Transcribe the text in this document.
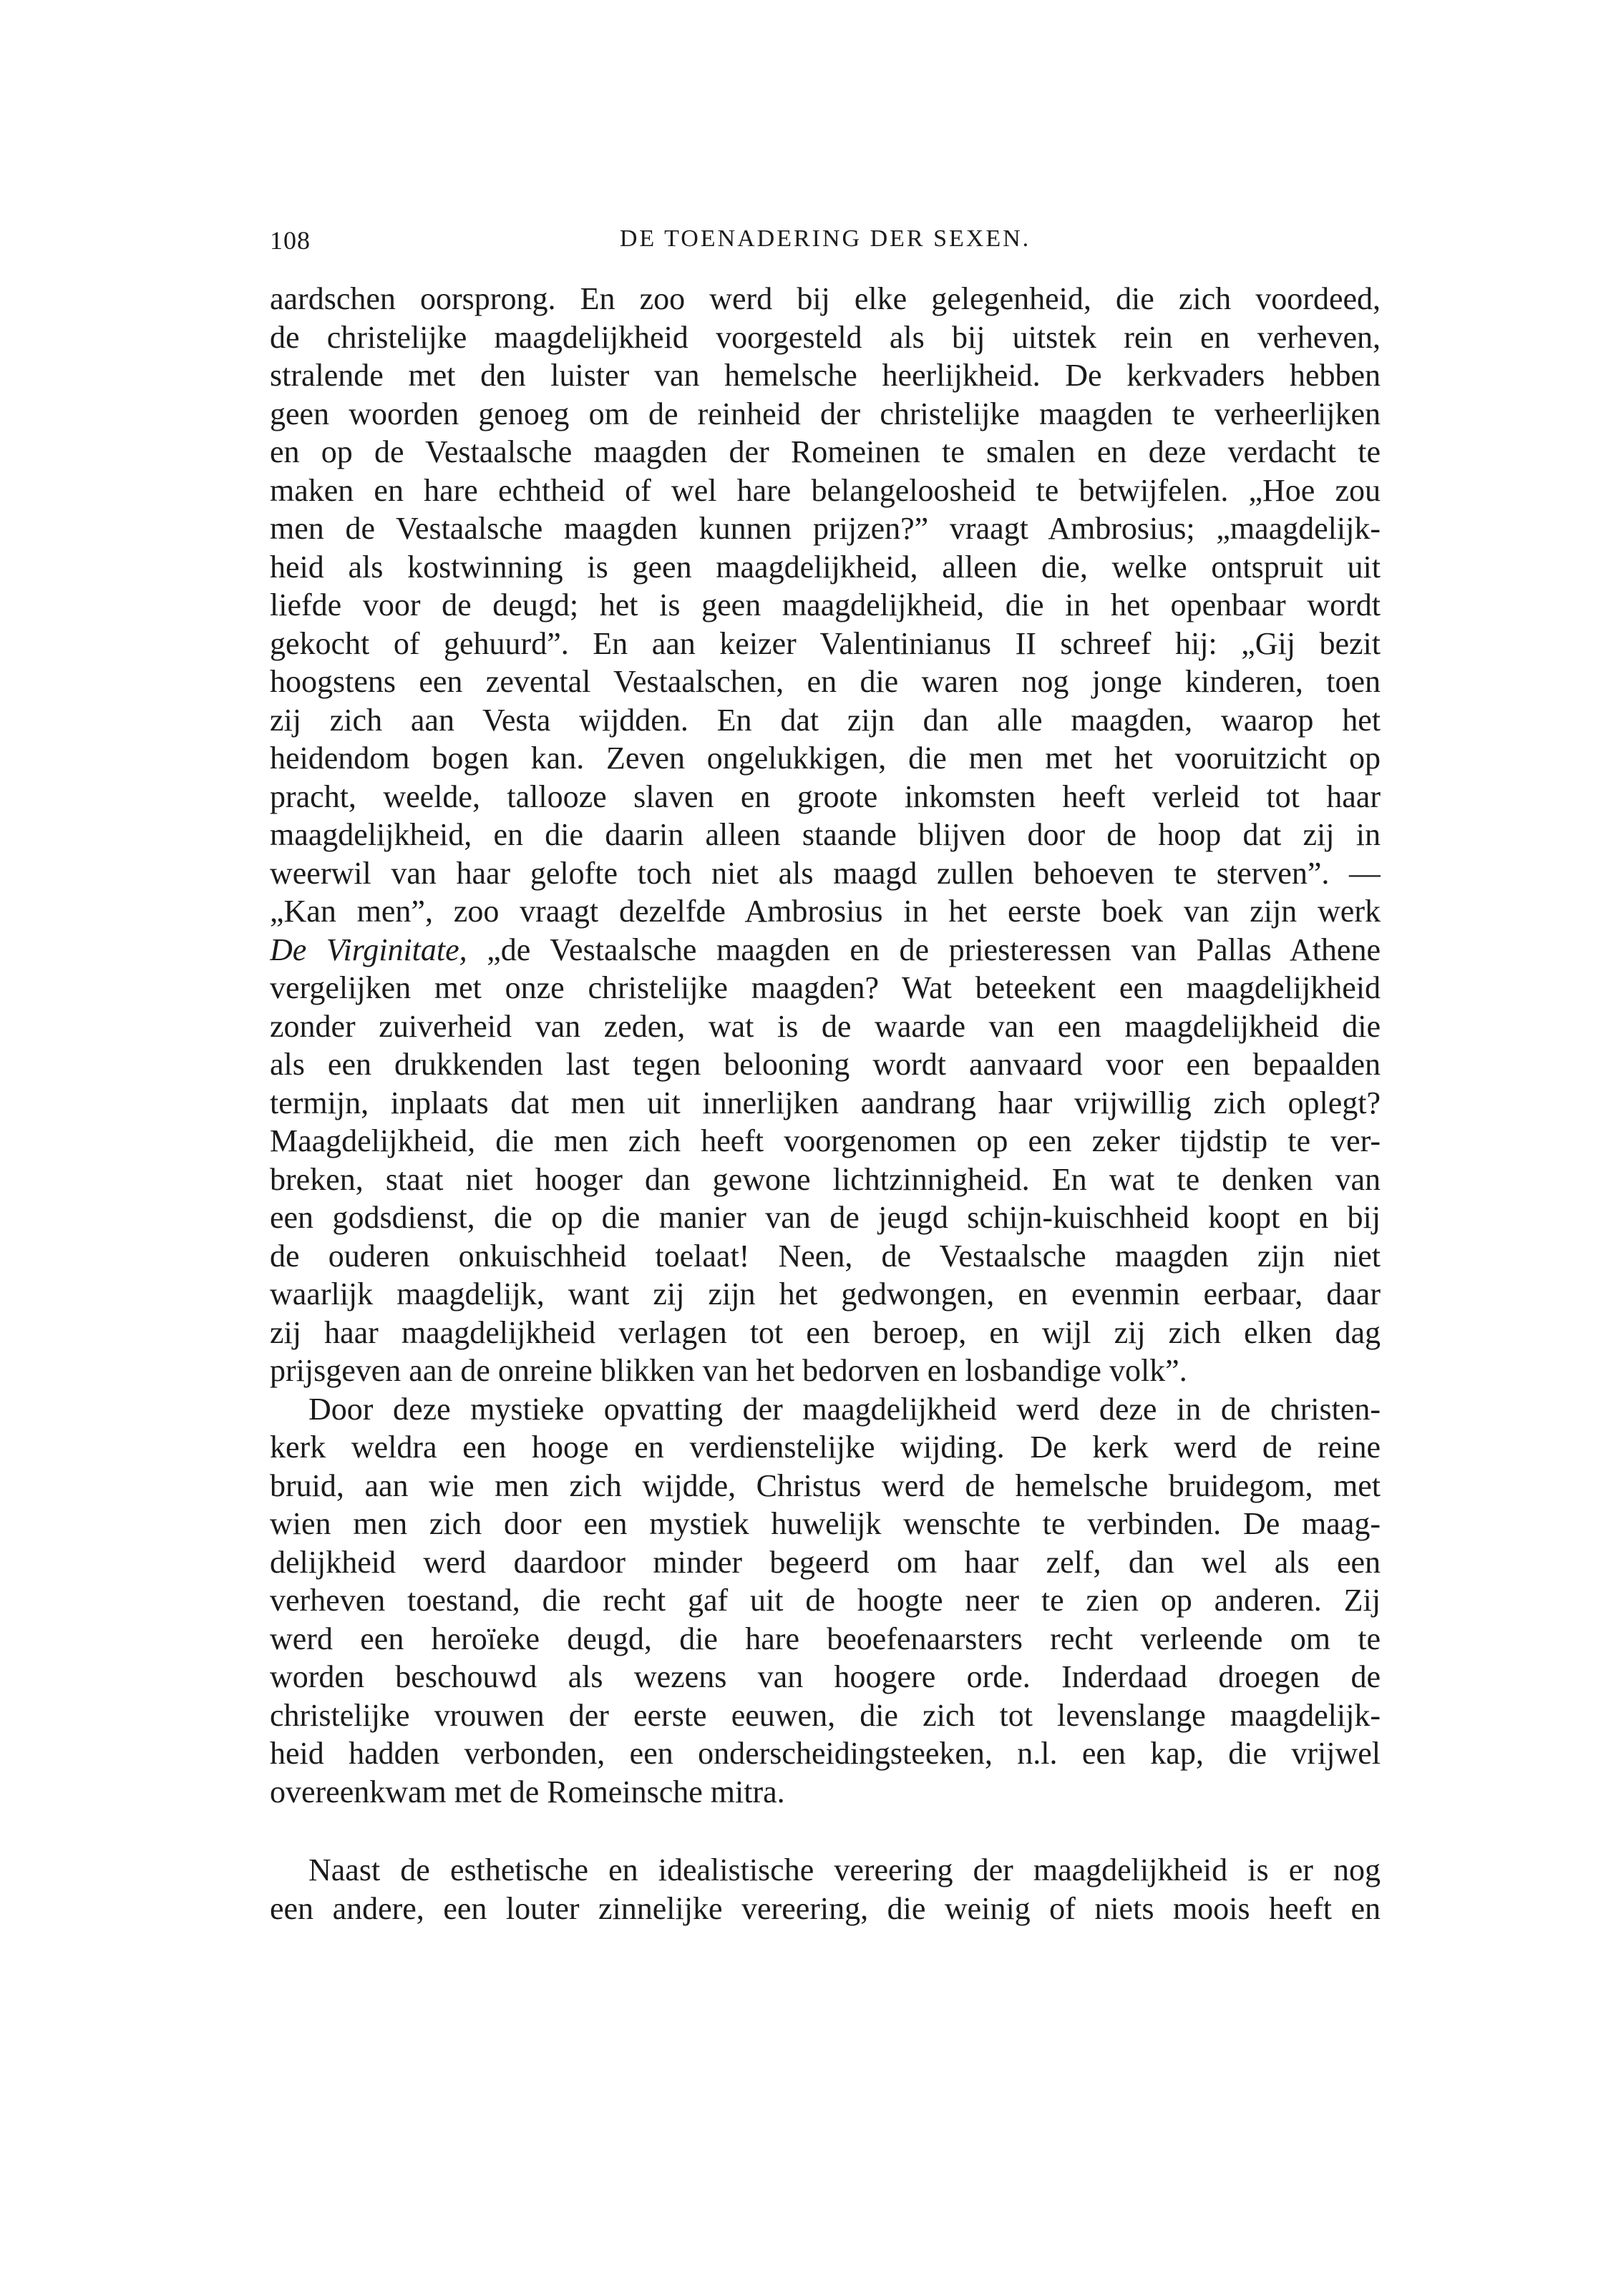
108	DE TOENADERING DER SEXEN.
aardschen oorsprong. En zoo werd bij elke gelegenheid, die zich voordeed,
de christelijke maagdelijkheid voorgesteld als bij uitstek rein en verheven,
stralende met den luister van hemelsche heerlijkheid. De kerkvaders hebben
geen woorden genoeg om de reinheid der christelijke maagden te verheerlijken
en op de Vestaalsche maagden der Romeinen te smalen en deze verdacht te
maken en hare echtheid of wel hare belangeloosheid te betwijfelen. „Hoe zou
men de Vestaalsche maagden kunnen prijzen?” vraagt Ambrosius; „maagdelijk-
heid als kostwinning is geen maagdelijkheid, alleen die, welke ontspruit uit
liefde voor de deugd; het is geen maagdelijkheid, die in het openbaar wordt
gekocht of gehuurd”. En aan keizer Valentinianus II schreef hij: „Gij bezit
hoogstens een zevental Vestaalschen, en die waren nog jonge kinderen, toen
zij zich aan Vesta wijdden. En dat zijn dan alle maagden, waarop het
heidendom bogen kan. Zeven ongelukkigen, die men met het vooruitzicht op
pracht, weelde, tallooze slaven en groote inkomsten heeft verleid tot haar
maagdelijkheid, en die daarin alleen staande blijven door de hoop dat zij in
weerwil van haar gelofte toch niet als maagd zullen behoeven te sterven”. —
„Kan men”, zoo vraagt dezelfde Ambrosius in het eerste boek van zijn werk
De Virginitate, „de Vestaalsche maagden en de priesteressen van Pallas Athene
vergelijken met onze christelijke maagden? Wat beteekent een maagdelijkheid
zonder zuiverheid van zeden, wat is de waarde van een maagdelijkheid die
als een drukkenden last tegen belooning wordt aanvaard voor een bepaalden
termijn, inplaats dat men uit innerlijken aandrang haar vrijwillig zich oplegt?
Maagdelijkheid, die men zich heeft voorgenomen op een zeker tijdstip te ver-
breken, staat niet hooger dan gewone lichtzinnigheid. En wat te denken van
een godsdienst, die op die manier van de jeugd schijn-kuischheid koopt en bij
de ouderen onkuischheid toelaat! Neen, de Vestaalsche maagden zijn niet
waarlijk maagdelijk, want zij zijn het gedwongen, en evenmin eerbaar, daar
zij haar maagdelijkheid verlagen tot een beroep, en wijl zij zich elken dag
prijsgeven aan de onreine blikken van het bedorven en losbandige volk”.
Door deze mystieke opvatting der maagdelijkheid werd deze in de christen-
kerk weldra een hooge en verdienstelijke wijding. De kerk werd de reine
bruid, aan wie men zich wijdde, Christus werd de hemelsche bruidegom, met
wien men zich door een mystiek huwelijk wenschte te verbinden. De maag-
delijkheid werd daardoor minder begeerd om haar zelf, dan wel als een
verheven toestand, die recht gaf uit de hoogte neer te zien op anderen. Zij
werd een heroïeke deugd, die hare beoefenaarsters recht verleende om te
worden beschouwd als wezens van hoogere orde. Inderdaad droegen de
christelijke vrouwen der eerste eeuwen, die zich tot levenslange maagdelijk-
heid hadden verbonden, een onderscheidingsteeken, n.l. een kap, die vrijwel
overeenkwam met de Romeinsche mitra.
Naast de esthetische en idealistische vereering der maagdelijkheid is er nog
een andere, een louter zinnelijke vereering, die weinig of niets moois heeft en
